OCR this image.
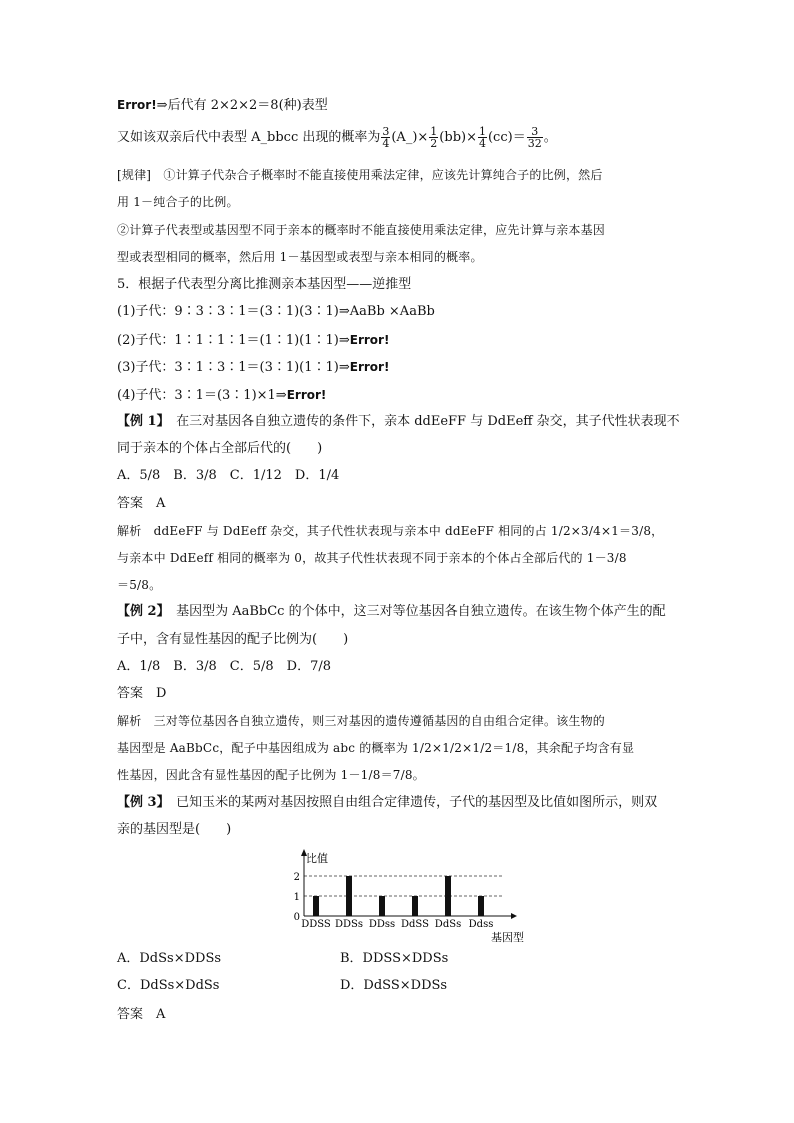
Error!⇒后代有 2×2×2＝8(种)表型
又如该双亲后代中表型 A_bbcc 出现的概率为 $\frac{3}{4}$ (A_)× $\frac{1}{2} (bb)\times \frac{1}{4} (cc)= \frac{3}{32}$ 。
[规律]　①计算子代杂合子概率时不能直接使用乘法定律，应该先计算纯合子的比例，然后
用 1－纯合子的比例。
②计算子代表型或基因型不同于亲本的概率时不能直接使用乘法定律，应先计算与亲本基因
型或表型相同的概率，然后用 1－基因型或表型与亲本相同的概率。
5．根据子代表型分离比推测亲本基因型——逆推型
(1)子代：9∶3∶3∶1＝(3∶1)(3∶1)⇒AaBb ×AaBb
(2)子代：1∶1∶1∶1＝(1∶1)(1∶1)⇒Error!
(3)子代：3∶1∶3∶1＝(3∶1)(1∶1)⇒Error!
(4)子代：3∶1＝(3∶1)×1⇒Error!
【例 1】　在三对基因各自独立遗传的条件下，亲本 ddEeFF 与 DdEeff 杂交，其子代性状表现不
同于亲本的个体占全部后代的(　　)
A．5/8　B．3/8　C．1/12　D．1/4
答案　A
解析　ddEeFF 与 DdEeff 杂交，其子代性状表现与亲本中 ddEeFF 相同的占 1/2×3/4×1＝3/8，
与亲本中 DdEeff 相同的概率为 0，故其子代性状表现不同于亲本的个体占全部后代的 1－3/8
＝5/8。
【例 2】　基因型为 AaBbCc 的个体中，这三对等位基因各自独立遗传。在该生物个体产生的配
子中，含有显性基因的配子比例为(　　)
A．1/8　B．3/8　C．5/8　D．7/8
答案　D
解析　三对等位基因各自独立遗传，则三对基因的遗传遵循基因的自由组合定律。该生物的
基因型是 AaBbCc，配子中基因组成为 abc 的概率为 1/2×1/2×1/2＝1/8，其余配子均含有显
性基因，因此含有显性基因的配子比例为 1－1/8＝7/8。
【例 3】　已知玉米的某两对基因按照自由组合定律遗传，子代的基因型及比值如图所示，则双
亲的基因型是(　　)
比值
0
1
2
DDSS DDSs DDss DdSS DdSs Ddss
基因型
A．DdSs×DDSs	B．DDSS×DDSs
C．DdSs×DdSs	D．DdSS×DDSs
答案　A
